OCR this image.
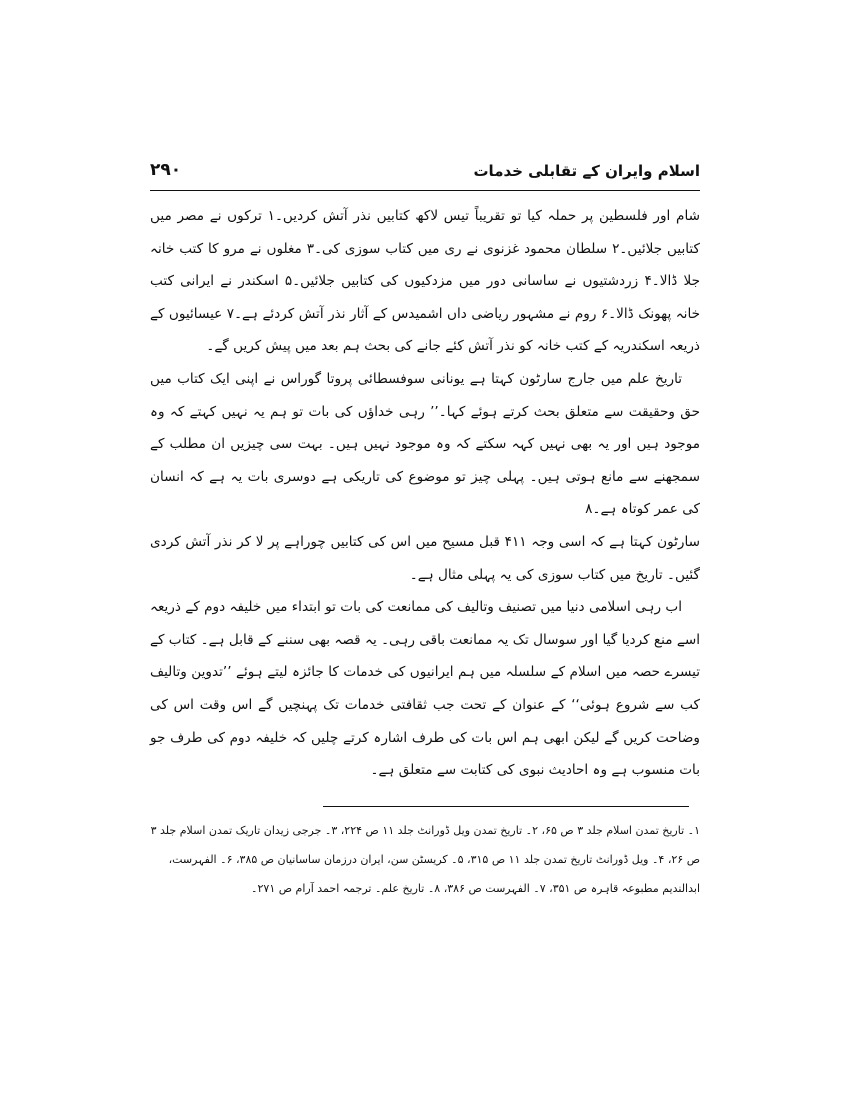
اسلام وایران کے تقابلی خدمات
۲۹۰

شام اور فلسطین پر حملہ کیا تو تقریباً تیس لاکھ کتابیں نذر آتش کردیں۔۱ ترکوں نے مصر میں کتابیں جلائیں۔۲ سلطان محمود غزنوی نے ری میں کتاب سوزی کی۔۳ مغلوں نے مرو کا کتب خانہ جلا ڈالا۔۴ زردشتیوں نے ساسانی دور میں مزدکیوں کی کتابیں جلائیں۔۵ اسکندر نے ایرانی کتب خانہ پھونک ڈالا۔۶ روم نے مشہور ریاضی داں اشمیدس کے آثار نذر آتش کردئے ہے۔۷ عیسائیوں کے ذریعہ اسکندریہ کے کتب خانہ کو نذر آتش کئے جانے کی بحث ہم بعد میں پیش کریں گے۔

تاریخ علم میں جارج سارٹون کہتا ہے یونانی سوفسطائی پروتا گوراس نے اپنی ایک کتاب میں حق وحقیقت سے متعلق بحث کرتے ہوئے کہا۔’’ رہی خداؤں کی بات تو ہم یہ نہیں کہتے کہ وہ موجود ہیں اور یہ بھی نہیں کہہ سکتے کہ وہ موجود نہیں ہیں۔ بہت سی چیزیں ان مطلب کے سمجھنے سے مانع ہوتی ہیں۔ پہلی چیز تو موضوع کی تاریکی ہے دوسری بات یہ ہے کہ انسان کی عمر کوتاہ ہے۔۸

سارٹون کہتا ہے کہ اسی وجہ ۴۱۱ قبل مسیح میں اس کی کتابیں چوراہے پر لا کر نذر آتش کردی گئیں۔ تاریخ میں کتاب سوزی کی یہ پہلی مثال ہے۔

اب رہی اسلامی دنیا میں تصنیف وتالیف کی ممانعت کی بات تو ابتداء میں خلیفہ دوم کے ذریعہ اسے منع کردیا گیا اور سوسال تک یہ ممانعت باقی رہی۔ یہ قصہ بھی سننے کے قابل ہے۔ کتاب کے تیسرے حصہ میں اسلام کے سلسلہ میں ہم ایرانیوں کی خدمات کا جائزہ لیتے ہوئے ’’تدوین وتالیف کب سے شروع ہوئی‘‘ کے عنوان کے تحت جب ثقافتی خدمات تک پہنچیں گے اس وقت اس کی وضاحت کریں گے لیکن ابھی ہم اس بات کی طرف اشارہ کرتے چلیں کہ خلیفہ دوم کی طرف جو بات منسوب ہے وہ احادیث نبوی کی کتابت سے متعلق ہے۔

۱۔ تاریخ تمدن اسلام جلد ۳ ص ۶۵، ۲۔ تاریخ تمدن ویل ڈورانٹ جلد ۱۱ ص ۲۲۴، ۳۔ جرجی زیدان تاریک تمدن اسلام جلد ۳

ص ۲۶، ۴۔ ویل ڈورانٹ تاریخ تمدن جلد ۱۱ ص ۳۱۵، ۵۔ کریسٹن سن، ایران درزمان ساسانیان ص ۳۸۵، ۶۔ الفہرست،

ابدالندیم مطبوعہ قاہرہ ص ۳۵۱، ۷۔ الفہرست ص ۳۸۶، ۸۔ تاریخ علم۔ ترجمہ احمد آرام ص ۲۷۱۔
